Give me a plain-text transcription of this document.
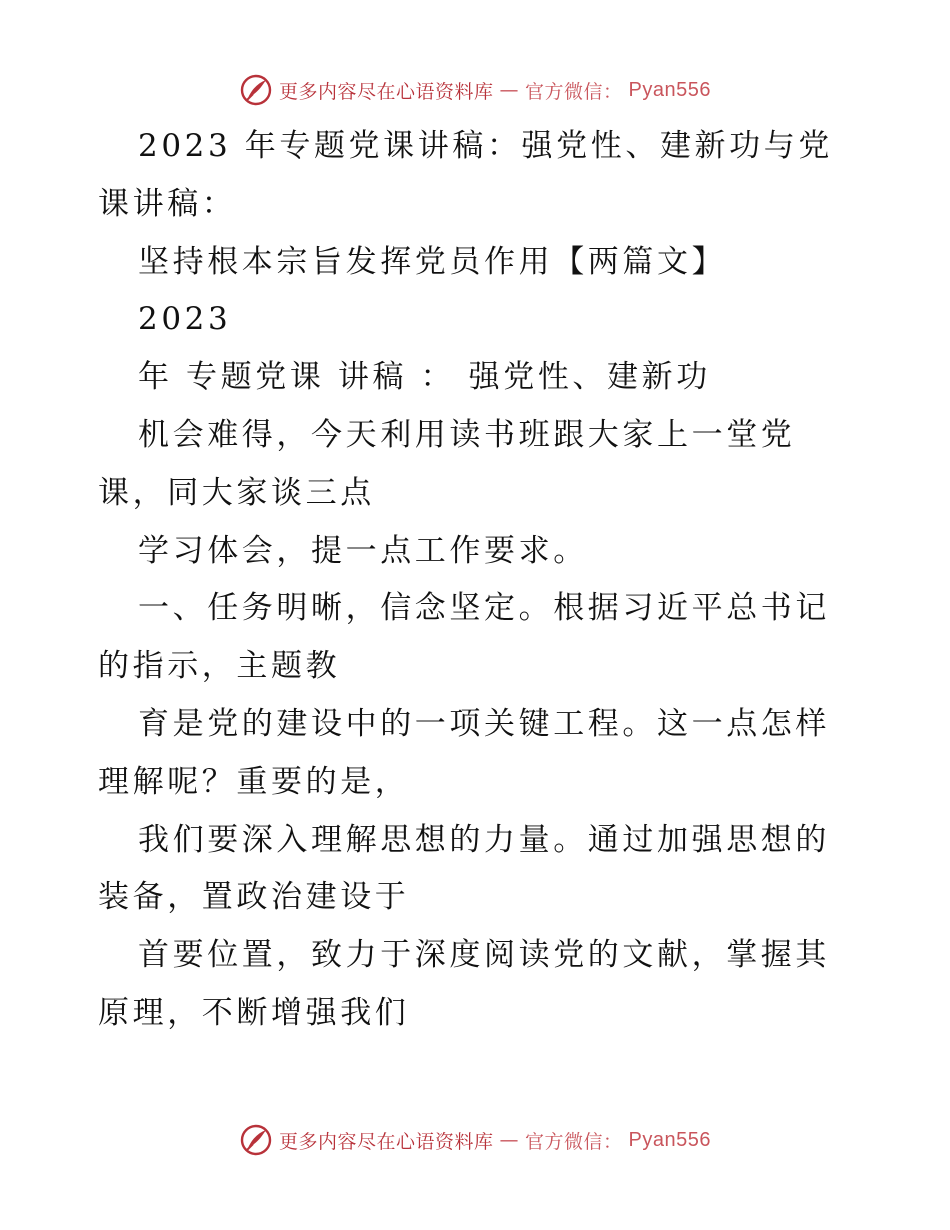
更多内容尽在心语资料库 — 官方微信： Pyan556

2023 年专题党课讲稿：强党性、建新功与党课讲稿：

坚持根本宗旨发挥党员作用【两篇文】

2023

年 专题党课 讲稿 ： 强党性、建新功

机会难得，今天利用读书班跟大家上一堂党课，同大家谈三点

学习体会，提一点工作要求。

一、任务明晰，信念坚定。根据习近平总书记的指示，主题教

育是党的建设中的一项关键工程。这一点怎样理解呢？重要的是，

我们要深入理解思想的力量。通过加强思想的装备，置政治建设于

首要位置，致力于深度阅读党的文献，掌握其原理，不断增强我们

更多内容尽在心语资料库 — 官方微信： Pyan556
